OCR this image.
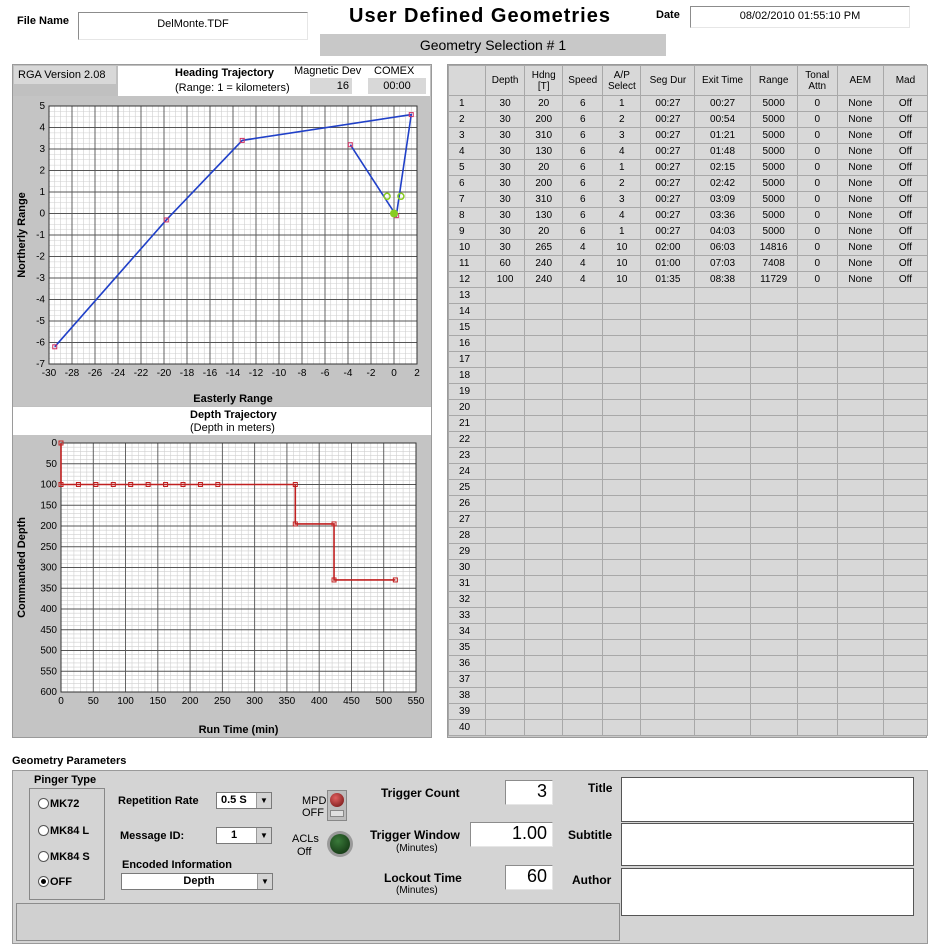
File Name	DelMonte.TDF	User Defined Geometries	Date	08/02/2010 01:55:10 PM
Geometry Selection # 1
RGA Version 2.08	Heading Trajectory
(Range: 1 = kilometers)
Magnetic Dev
16
COMEX
00:00
-30 -28 -26 -24 -22 -20 -18 -16 -14 -12 -10 -8 -6 -4 -2 0 2
5
4
3
2
1
0
-1
-2
-3
-4
-5
-6
-7
Easterly Range
Northerly Range
Depth Trajectory
(Depth in meters)
0 50 100 150 200 250 300 350 400 450 500 550
0
50
100
150
200
250
300
350
400
450
500
550
600
Run Time (min)
Commanded Depth
	Depth	Hdng [T]	Speed	A/P Select	Seg Dur	Exit Time	Range	Tonal Attn	AEM	Mad
1	30	20	6	1	00:27	00:27	5000	0	None	Off
2	30	200	6	2	00:27	00:54	5000	0	None	Off
3	30	310	6	3	00:27	01:21	5000	0	None	Off
4	30	130	6	4	00:27	01:48	5000	0	None	Off
5	30	20	6	1	00:27	02:15	5000	0	None	Off
6	30	200	6	2	00:27	02:42	5000	0	None	Off
7	30	310	6	3	00:27	03:09	5000	0	None	Off
8	30	130	6	4	00:27	03:36	5000	0	None	Off
9	30	20	6	1	00:27	04:03	5000	0	None	Off
10	30	265	4	10	02:00	06:03	14816	0	None	Off
11	60	240	4	10	01:00	07:03	7408	0	None	Off
12	100	240	4	10	01:35	08:38	11729	0	None	Off
13										
14										
15										
16										
17										
18										
19										
20										
21										
22										
23										
24										
25										
26										
27										
28										
29										
30										
31										
32										
33										
34										
35										
36										
37										
38										
39										
40										
Geometry Parameters
Pinger Type
MK72
MK84 L
MK84 S
OFF
Repetition Rate	0.5 S	▼
Message ID:	1	▼
Encoded Information
Depth	▼
MPD
OFF
ACLs
Off
Trigger Count	3
Trigger Window
(Minutes)
1.00
Lockout Time
(Minutes)
60
Title
Subtitle
Author
